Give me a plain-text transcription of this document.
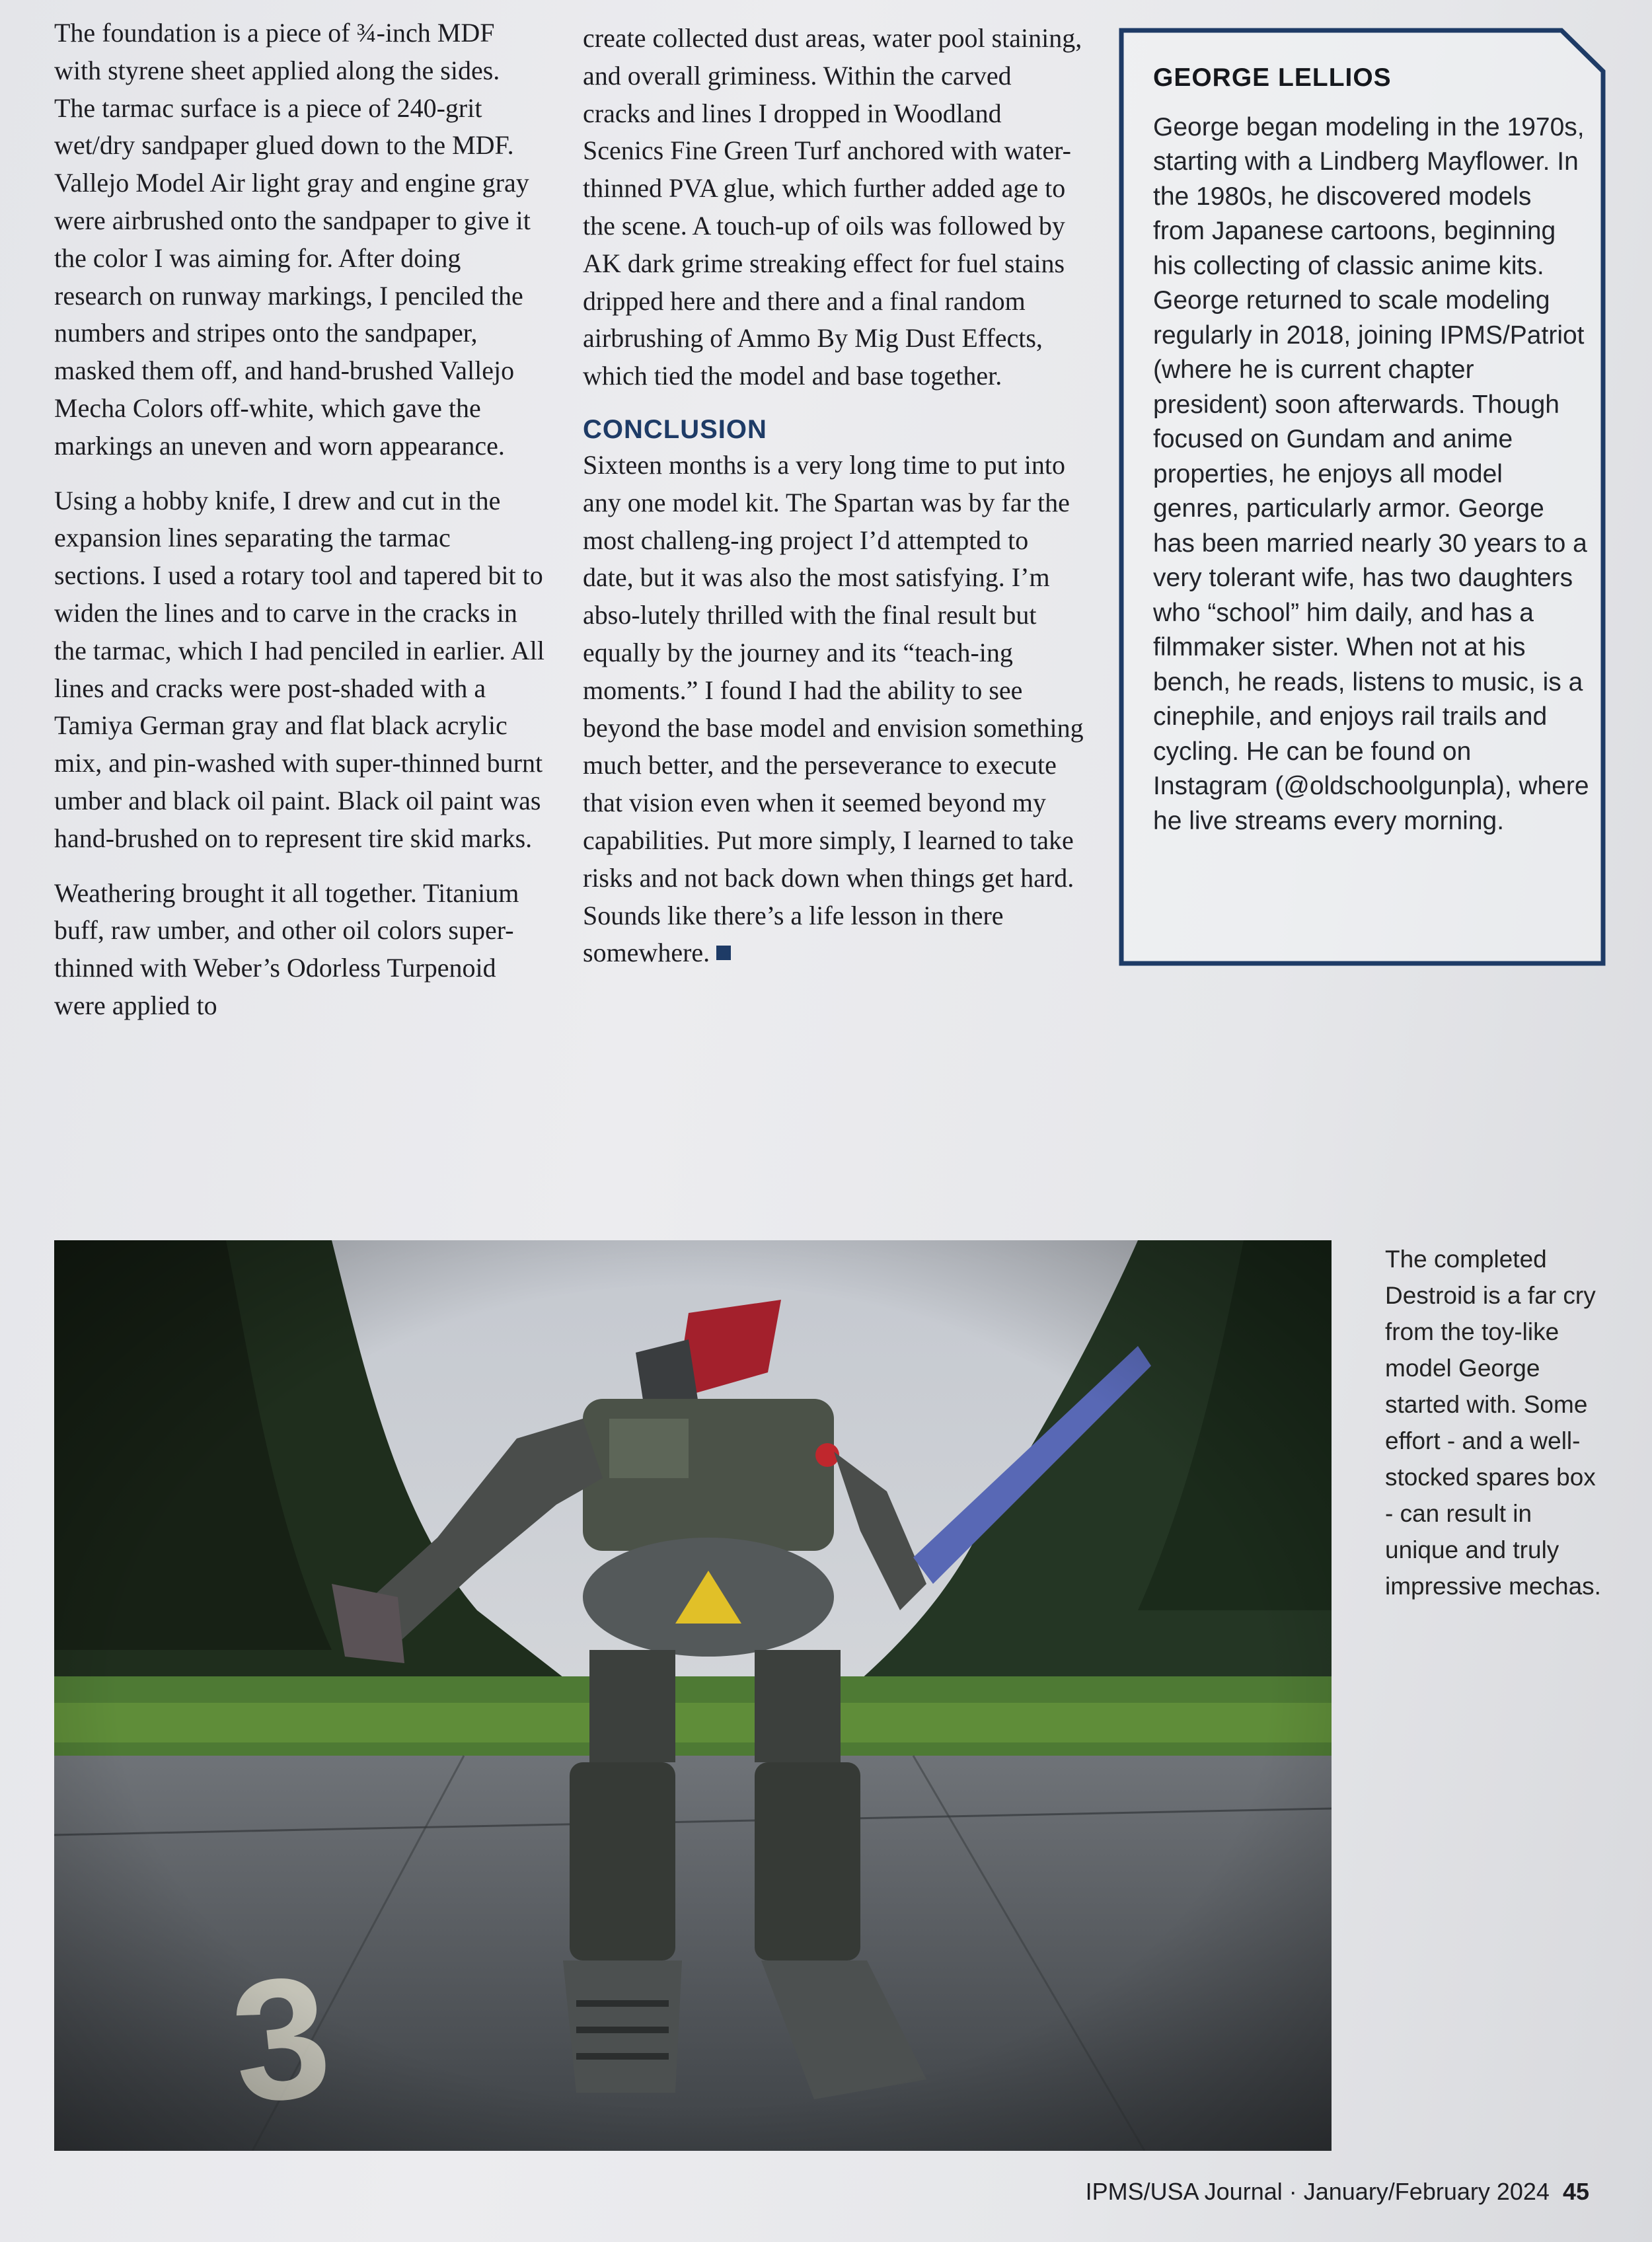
The foundation is a piece of ¾-inch MDF with styrene sheet applied along the sides. The tarmac surface is a piece of 240-grit wet/dry sandpaper glued down to the MDF. Vallejo Model Air light gray and engine gray were airbrushed onto the sandpaper to give it the color I was aiming for. After doing research on runway markings, I penciled the numbers and stripes onto the sandpaper, masked them off, and hand-brushed Vallejo Mecha Colors off-white, which gave the markings an uneven and worn appearance.

Using a hobby knife, I drew and cut in the expansion lines separating the tarmac sections. I used a rotary tool and tapered bit to widen the lines and to carve in the cracks in the tarmac, which I had penciled in earlier. All lines and cracks were post-shaded with a Tamiya German gray and flat black acrylic mix, and pin-washed with super-thinned burnt umber and black oil paint. Black oil paint was hand-brushed on to represent tire skid marks.

Weathering brought it all together. Titanium buff, raw umber, and other oil colors super-thinned with Weber’s Odorless Turpenoid were applied to

create collected dust areas, water pool staining, and overall griminess. Within the carved cracks and lines I dropped in Woodland Scenics Fine Green Turf anchored with water-thinned PVA glue, which further added age to the scene. A touch-up of oils was followed by AK dark grime streaking effect for fuel stains dripped here and there and a final random airbrushing of Ammo By Mig Dust Effects, which tied the model and base together.

CONCLUSION

Sixteen months is a very long time to put into any one model kit. The Spartan was by far the most challeng-ing project I’d attempted to date, but it was also the most satisfying. I’m abso-lutely thrilled with the final result but equally by the journey and its “teach-ing moments.” I found I had the ability to see beyond the base model and envision something much better, and the perseverance to execute that vision even when it seemed beyond my capabilities. Put more simply, I learned to take risks and not back down when things get hard. Sounds like there’s a life lesson in there somewhere.

GEORGE LELLIOS
George began modeling in the 1970s, starting with a Lindberg Mayflower. In the 1980s, he discovered models from Japanese cartoons, beginning his collecting of classic anime kits. George returned to scale modeling regularly in 2018, joining IPMS/Patriot (where he is current chapter president) soon afterwards. Though focused on Gundam and anime properties, he enjoys all model genres, particularly armor. George has been married nearly 30 years to a very tolerant wife, has two daughters who “school” him daily, and has a filmmaker sister. When not at his bench, he reads, listens to music, is a cinephile, and enjoys rail trails and cycling. He can be found on Instagram (@oldschoolgunpla), where he live streams every morning.
The completed Destroid is a far cry from the toy-like model George started with. Some effort - and a well-stocked spares box - can result in unique and truly impressive mechas.
IPMS/USA Journal · January/February 2024 45
